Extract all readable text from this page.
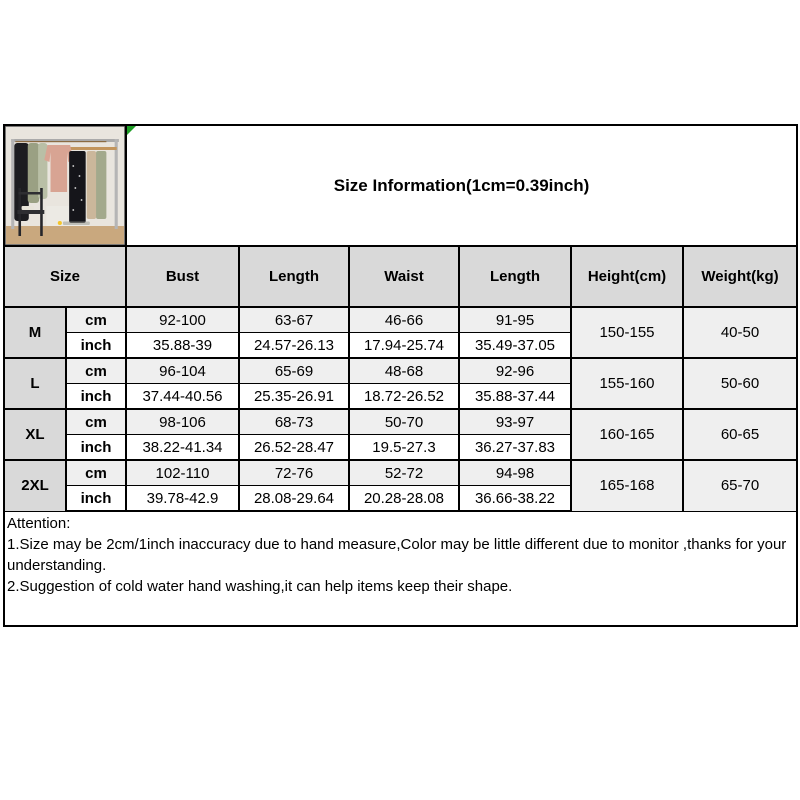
Size Information(1cm=0.39inch)					
Size		Bust	Length	Waist	Length	Height(cm)	Weight(kg)
M	cm	92-100	63-67	46-66	91-95	150-155	40-50
	inch	35.88-39	24.57-26.13	17.94-25.74	35.49-37.05		
L	cm	96-104	65-69	48-68	92-96	155-160	50-60
	inch	37.44-40.56	25.35-26.91	18.72-26.52	35.88-37.44		
XL	cm	98-106	68-73	50-70	93-97	160-165	60-65
	inch	38.22-41.34	26.52-28.47	19.5-27.3	36.27-37.83		
2XL	cm	102-110	72-76	52-72	94-98	165-168	65-70
	inch	39.78-42.9	28.08-29.64	20.28-28.08	36.66-38.22		
Attention:
1.Size may be 2cm/1inch inaccuracy due to hand measure,Color may be little different due to monitor ,thanks for your understanding.
2.Suggestion of cold water hand washing,it can help items keep their shape.
